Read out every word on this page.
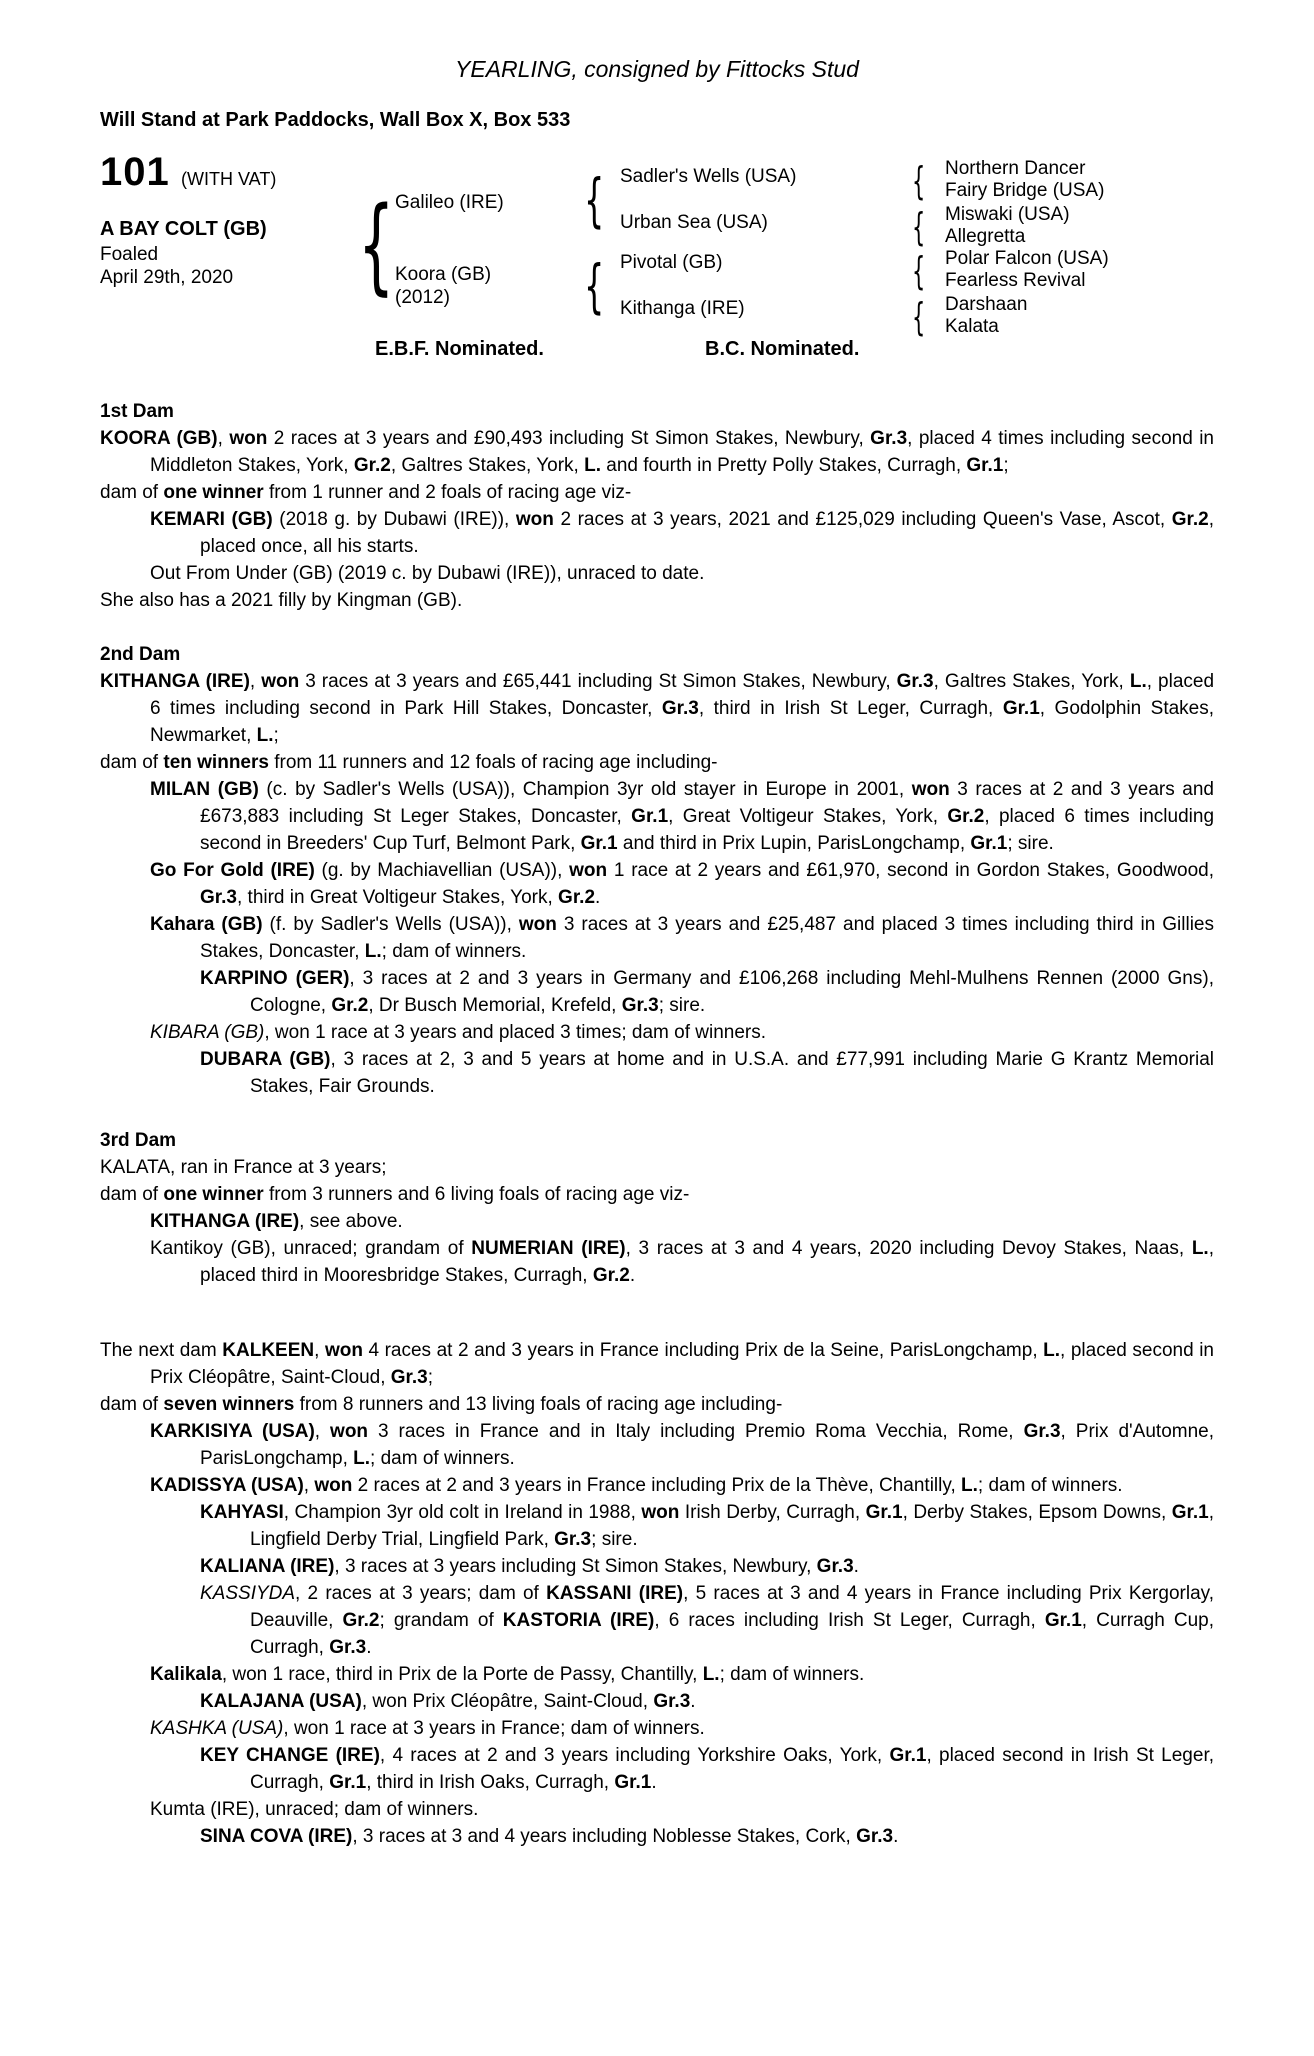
YEARLING, consigned by Fittocks Stud
Will Stand at Park Paddocks, Wall Box X, Box 533
101 (WITH VAT)
A BAY COLT (GB)
Foaled
April 29th, 2020 {	{
{
{
{
{
{
Galileo (IRE)
Koora (GB)
(2012)
Sadler's Wells (USA)
Urban Sea (USA)
Pivotal (GB)
Kithanga (IRE)
Northern Dancer
Fairy Bridge (USA)
Miswaki (USA)
Allegretta
Polar Falcon (USA)
Fearless Revival
Darshaan
Kalata
E.B.F. Nominated.	B.C. Nominated.
1st Dam
KOORA (GB), won 2 races at 3 years and £90,493 including St Simon Stakes, Newbury, Gr.3, placed 4 times including second in Middleton Stakes, York, Gr.2, Galtres Stakes, York, L. and fourth in Pretty Polly Stakes, Curragh, Gr.1;
dam of one winner from 1 runner and 2 foals of racing age viz-
KEMARI (GB) (2018 g. by Dubawi (IRE)), won 2 races at 3 years, 2021 and £125,029 including Queen's Vase, Ascot, Gr.2, placed once, all his starts.
Out From Under (GB) (2019 c. by Dubawi (IRE)), unraced to date.
She also has a 2021 filly by Kingman (GB).
2nd Dam
KITHANGA (IRE), won 3 races at 3 years and £65,441 including St Simon Stakes, Newbury, Gr.3, Galtres Stakes, York, L., placed 6 times including second in Park Hill Stakes, Doncaster, Gr.3, third in Irish St Leger, Curragh, Gr.1, Godolphin Stakes, Newmarket, L.;
dam of ten winners from 11 runners and 12 foals of racing age including-
MILAN (GB) (c. by Sadler's Wells (USA)), Champion 3yr old stayer in Europe in 2001, won 3 races at 2 and 3 years and £673,883 including St Leger Stakes, Doncaster, Gr.1, Great Voltigeur Stakes, York, Gr.2, placed 6 times including second in Breeders' Cup Turf, Belmont Park, Gr.1 and third in Prix Lupin, ParisLongchamp, Gr.1; sire.
Go For Gold (IRE) (g. by Machiavellian (USA)), won 1 race at 2 years and £61,970, second in Gordon Stakes, Goodwood, Gr.3, third in Great Voltigeur Stakes, York, Gr.2.
Kahara (GB) (f. by Sadler's Wells (USA)), won 3 races at 3 years and £25,487 and placed 3 times including third in Gillies Stakes, Doncaster, L.; dam of winners.
KARPINO (GER), 3 races at 2 and 3 years in Germany and £106,268 including Mehl-Mulhens Rennen (2000 Gns), Cologne, Gr.2, Dr Busch Memorial, Krefeld, Gr.3; sire.
KIBARA (GB), won 1 race at 3 years and placed 3 times; dam of winners.
DUBARA (GB), 3 races at 2, 3 and 5 years at home and in U.S.A. and £77,991 including Marie G Krantz Memorial Stakes, Fair Grounds.
3rd Dam
KALATA, ran in France at 3 years;
dam of one winner from 3 runners and 6 living foals of racing age viz-
KITHANGA (IRE), see above.
Kantikoy (GB), unraced; grandam of NUMERIAN (IRE), 3 races at 3 and 4 years, 2020 including Devoy Stakes, Naas, L., placed third in Mooresbridge Stakes, Curragh, Gr.2.
The next dam KALKEEN, won 4 races at 2 and 3 years in France including Prix de la Seine, ParisLongchamp, L., placed second in Prix Cléopâtre, Saint-Cloud, Gr.3;
dam of seven winners from 8 runners and 13 living foals of racing age including-
KARKISIYA (USA), won 3 races in France and in Italy including Premio Roma Vecchia, Rome, Gr.3, Prix d'Automne, ParisLongchamp, L.; dam of winners.
KADISSYA (USA), won 2 races at 2 and 3 years in France including Prix de la Thève, Chantilly, L.; dam of winners.
KAHYASI, Champion 3yr old colt in Ireland in 1988, won Irish Derby, Curragh, Gr.1, Derby Stakes, Epsom Downs, Gr.1, Lingfield Derby Trial, Lingfield Park, Gr.3; sire.
KALIANA (IRE), 3 races at 3 years including St Simon Stakes, Newbury, Gr.3.
KASSIYDA, 2 races at 3 years; dam of KASSANI (IRE), 5 races at 3 and 4 years in France including Prix Kergorlay, Deauville, Gr.2; grandam of KASTORIA (IRE), 6 races including Irish St Leger, Curragh, Gr.1, Curragh Cup, Curragh, Gr.3.
Kalikala, won 1 race, third in Prix de la Porte de Passy, Chantilly, L.; dam of winners.
KALAJANA (USA), won Prix Cléopâtre, Saint-Cloud, Gr.3.
KASHKA (USA), won 1 race at 3 years in France; dam of winners.
KEY CHANGE (IRE), 4 races at 2 and 3 years including Yorkshire Oaks, York, Gr.1, placed second in Irish St Leger, Curragh, Gr.1, third in Irish Oaks, Curragh, Gr.1.
Kumta (IRE), unraced; dam of winners.
SINA COVA (IRE), 3 races at 3 and 4 years including Noblesse Stakes, Cork, Gr.3.
